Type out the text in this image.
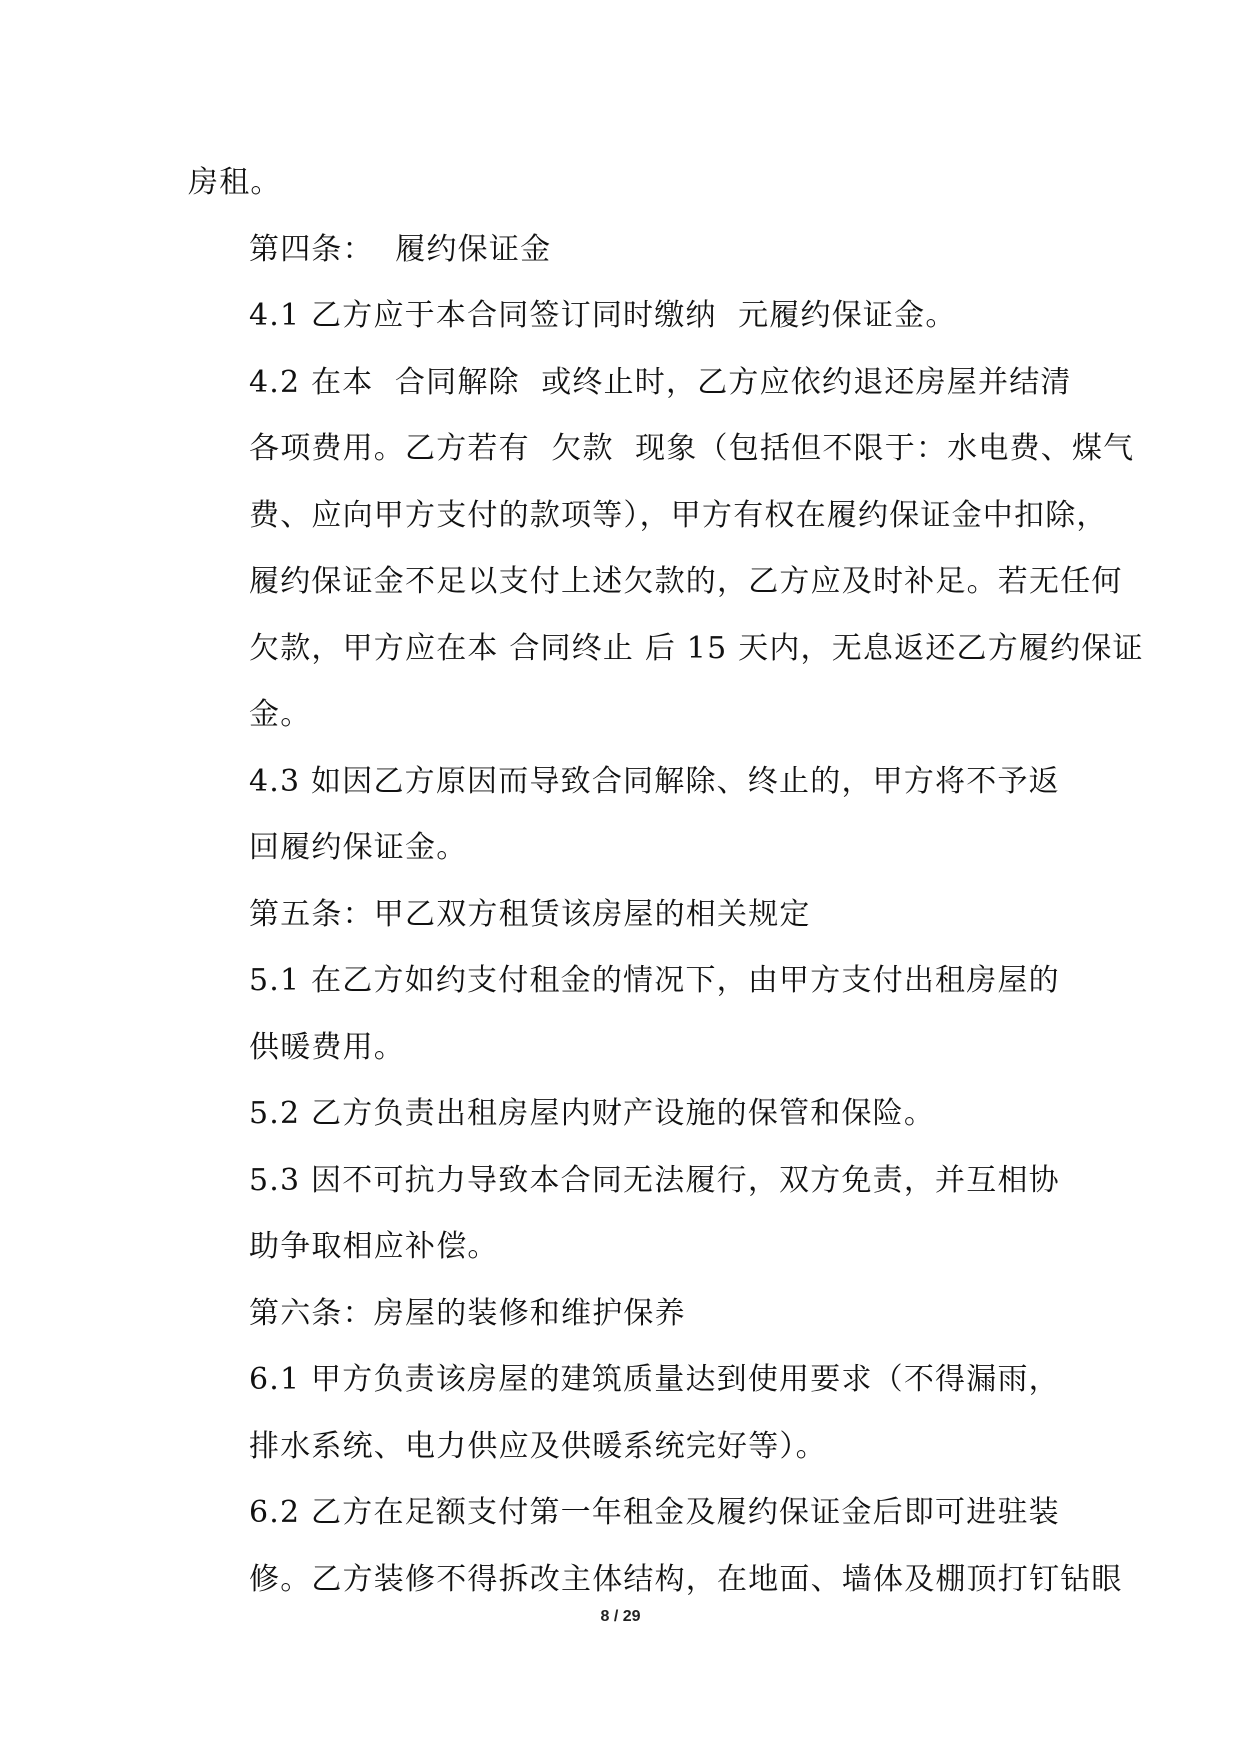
房租。

第四条：  履约保证金

4.1 乙方应于本合同签订同时缴纳  元履约保证金。

4.2 在本  合同解除  或终止时，乙方应依约退还房屋并结清
各项费用。乙方若有  欠款  现象（包括但不限于：水电费、煤气
费、应向甲方支付的款项等），甲方有权在履约保证金中扣除，
履约保证金不足以支付上述欠款的，乙方应及时补足。若无任何
欠款，甲方应在本 合同终止 后 15 天内，无息返还乙方履约保证
金。

4.3 如因乙方原因而导致合同解除、终止的，甲方将不予返
回履约保证金。

第五条：甲乙双方租赁该房屋的相关规定

5.1 在乙方如约支付租金的情况下，由甲方支付出租房屋的
供暖费用。

5.2 乙方负责出租房屋内财产设施的保管和保险。

5.3 因不可抗力导致本合同无法履行，双方免责，并互相协
助争取相应补偿。

第六条：房屋的装修和维护保养

6.1 甲方负责该房屋的建筑质量达到使用要求（不得漏雨，
排水系统、电力供应及供暖系统完好等）。

6.2 乙方在足额支付第一年租金及履约保证金后即可进驻装
修。乙方装修不得拆改主体结构，在地面、墙体及棚顶打钉钻眼

8 / 29
